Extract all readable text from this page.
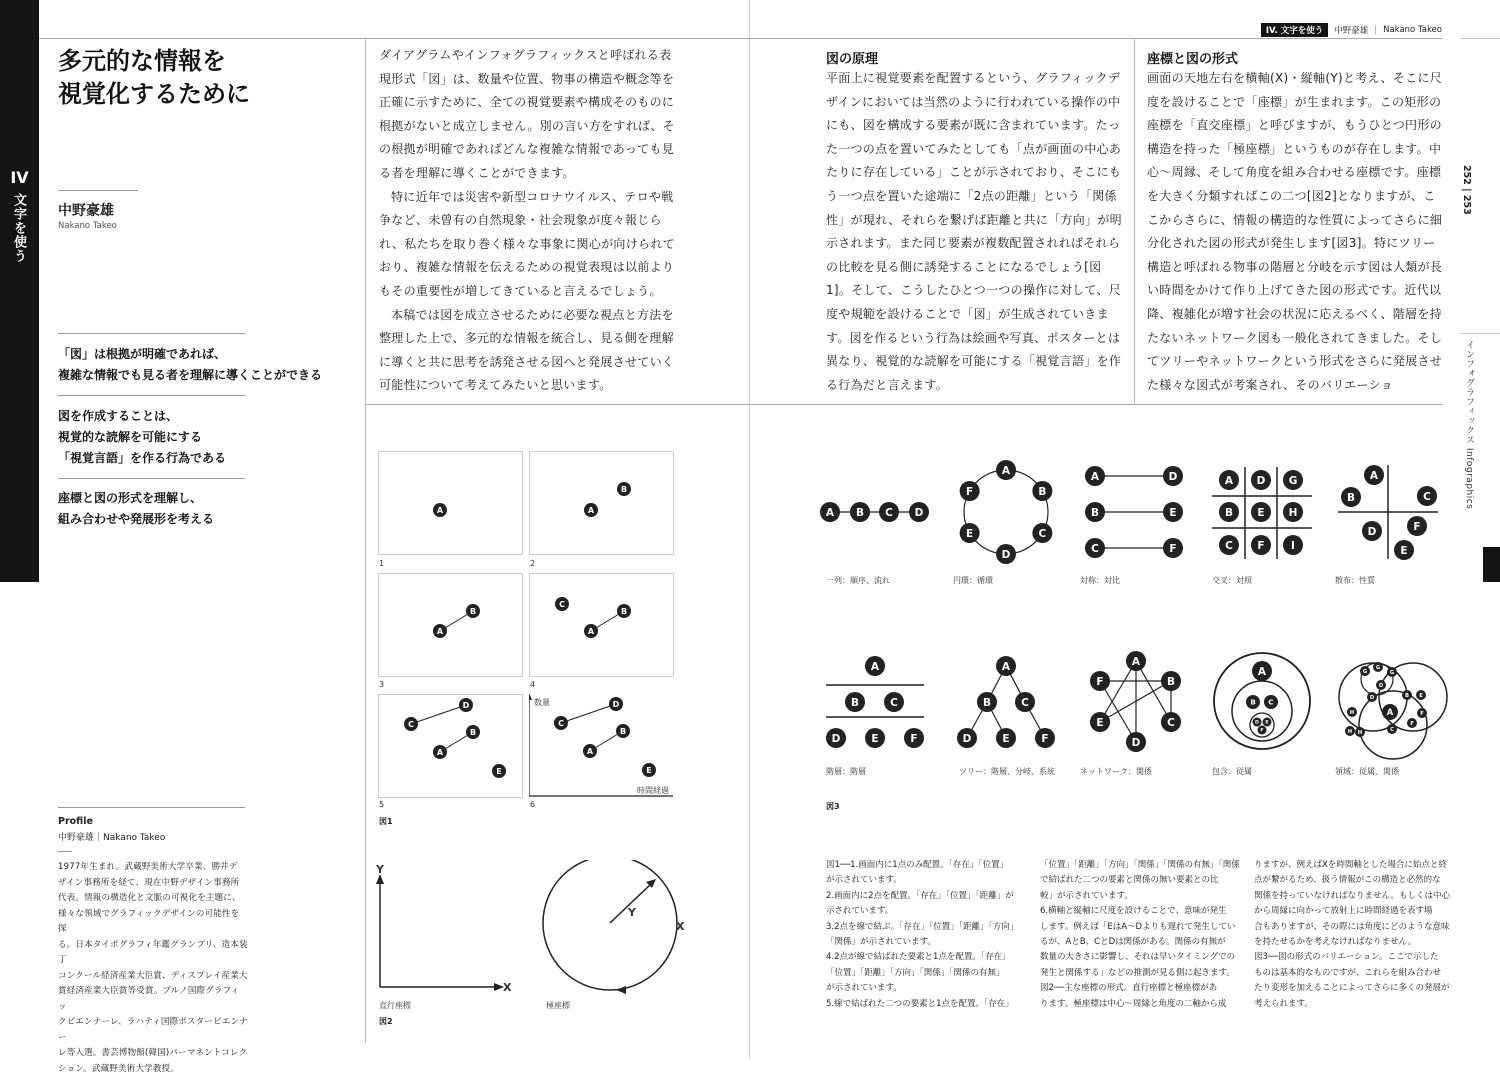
IV
文字を使う
多元的な情報を
視覚化するために
中野豪雄
Nakano Takeo
「図」は根拠が明確であれば、
複雑な情報でも見る者を理解に導くことができる
図を作成することは、
視覚的な読解を可能にする
「視覚言語」を作る行為である
座標と図の形式を理解し、
組み合わせや発展形を考える
Profile
中野豪雄｜Nakano Takeo
1977年生まれ。武蔵野美術大学卒業、勝井デ
ザイン事務所を経て、現在中野デザイン事務所
代表。情報の構造化と文脈の可視化を主題に、
様々な領域でグラフィックデザインの可能性を探
る。日本タイポグラフィ年鑑グランプリ、造本装丁
コンクール経済産業大臣賞、ディスプレイ産業大
賞経済産業大臣賞等受賞。ブルノ国際グラフィッ
クビエンナーレ、ラハティ国際ポスタービエンナー
レ等入選。書芸博物館(韓国)パーマネントコレク
ション。武蔵野美術大学教授。

ダイアグラムやインフォグラフィックスと呼ばれる表現形式「図」は、数量や位置、物事の構造や概念等を正確に示すために、全ての視覚要素や構成そのものに根拠がないと成立しません。別の言い方をすれば、その根拠が明確であればどんな複雑な情報であっても見る者を理解に導くことができます。

特に近年では災害や新型コロナウイルス、テロや戦争など、未曾有の自然現象・社会現象が度々報じられ、私たちを取り巻く様々な事象に関心が向けられており、複雑な情報を伝えるための視覚表現は以前よりもその重要性が増してきていると言えるでしょう。

本稿では図を成立させるために必要な視点と方法を整理した上で、多元的な情報を統合し、見る側を理解に導くと共に思考を誘発させる図へと発展させていく可能性について考えてみたいと思います。

IV. 文字を使う	中野豪雄 | Nakano Takeo
図の原理

平面上に視覚要素を配置するという、グラフィックデザインにおいては当然のように行われている操作の中にも、図を構成する要素が既に含まれています。たった一つの点を置いてみたとしても「点が画面の中心あたりに存在している」ことが示されており、そこにもう一つ点を置いた途端に「2点の距離」という「関係性」が現れ、それらを繋げば距離と共に「方向」が明示されます。また同じ要素が複数配置されればそれらの比較を見る側に誘発することになるでしょう[図1]。そして、こうしたひとつ一つの操作に対して、尺度や規範を設けることで「図」が生成されていきます。図を作るという行為は絵画や写真、ポスターとは異なり、視覚的な読解を可能にする「視覚言語」を作る行為だと言えます。

座標と図の形式

画面の天地左右を横軸(X)・縦軸(Y)と考え、そこに尺度を設けることで「座標」が生まれます。この矩形の座標を「直交座標」と呼びますが、もうひとつ円形の構造を持った「極座標」というものが存在します。中心〜周縁、そして角度を組み合わせる座標です。座標を大きく分類すればこの二つ[図2]となりますが、ここからさらに、情報の構造的な性質によってさらに細分化された図の形式が発生します[図3]。特にツリー構造と呼ばれる物事の階層と分岐を示す図は人類が長い時間をかけて作り上げてきた図の形式です。近代以降、複雑化が増す社会の状況に応えるべく、階層を持たないネットワーク図も一般化されてきました。そしてツリーやネットワークという形式をさらに発展させた様々な図式が考案され、そのバリエーショ

252 | 253
インフォグラフィックス Infographics
A	A
B
1	2
A
B
A
B
C
3	4
A
B
C
D
E
A
B
C
D
E
数量
時間経過
5	6
図1
Y
X
Y
X
直行座標	極座標
図2
A B C D
A
B
C
D
E
F
A	D
B	E
C	F
A D G
B E H
C F	I
A
B	C
D	F
E
A
B	C
D	E	F
A
B	C
D	E	F
A
B
C
D
E
F
A
B C
D E
F
A
G
G
G
D
D
B E
H
H
H	C
F
F
一列：順序、流れ	円環：循環	対称：対比	交叉：対照	散布：性質
階層：階層	ツリー：階層、分岐、系統	ネットワーク：関係	包含：従属	領域：従属、関係
図3
図1──1.画面内に1点のみ配置。「存在」「位置」
が示されています。
2.画面内に2点を配置。「存在」「位置」「距離」が
示されています。
3.2点を線で結ぶ。「存在」「位置」「距離」「方向」
「関係」が示されています。
4.2点が線で結ばれた要素と1点を配置。「存在」
「位置」「距離」「方向」「関係」「関係の有無」
が示されています。
5.線で結ばれた二つの要素と1点を配置。「存在」
「位置」「距離」「方向」「関係」「関係の有無」「関係
で結ばれた二つの要素と関係の無い要素との比
較」が示されています。
6.横軸と縦軸に尺度を設けることで、意味が発生
します。例えば「EはA〜Dよりも遅れて発生してい
るが、AとB、CとDは関係がある。関係の有無が
数量の大きさに影響し、それは早いタイミングでの
発生と関係する」などの推測が見る側に起きます。
図2──主な座標の形式。直行座標と極座標があ
ります。極座標は中心〜周縁と角度の二軸から成
りますが、例えばXを時間軸とした場合に始点と終
点が繋がるため、扱う情報がこの構造と必然的な
関係を持っていなければなりません。もしくは中心
から周縁に向かって放射上に時間経過を表す場
合もありますが、その際には角度にどのような意味
を持たせるかを考えなければなりません。
図3──図の形式のバリエーション。ここで示した
ものは基本的なものですが、これらを組み合わせ
たり変形を加えることによってさらに多くの発展が
考えられます。
